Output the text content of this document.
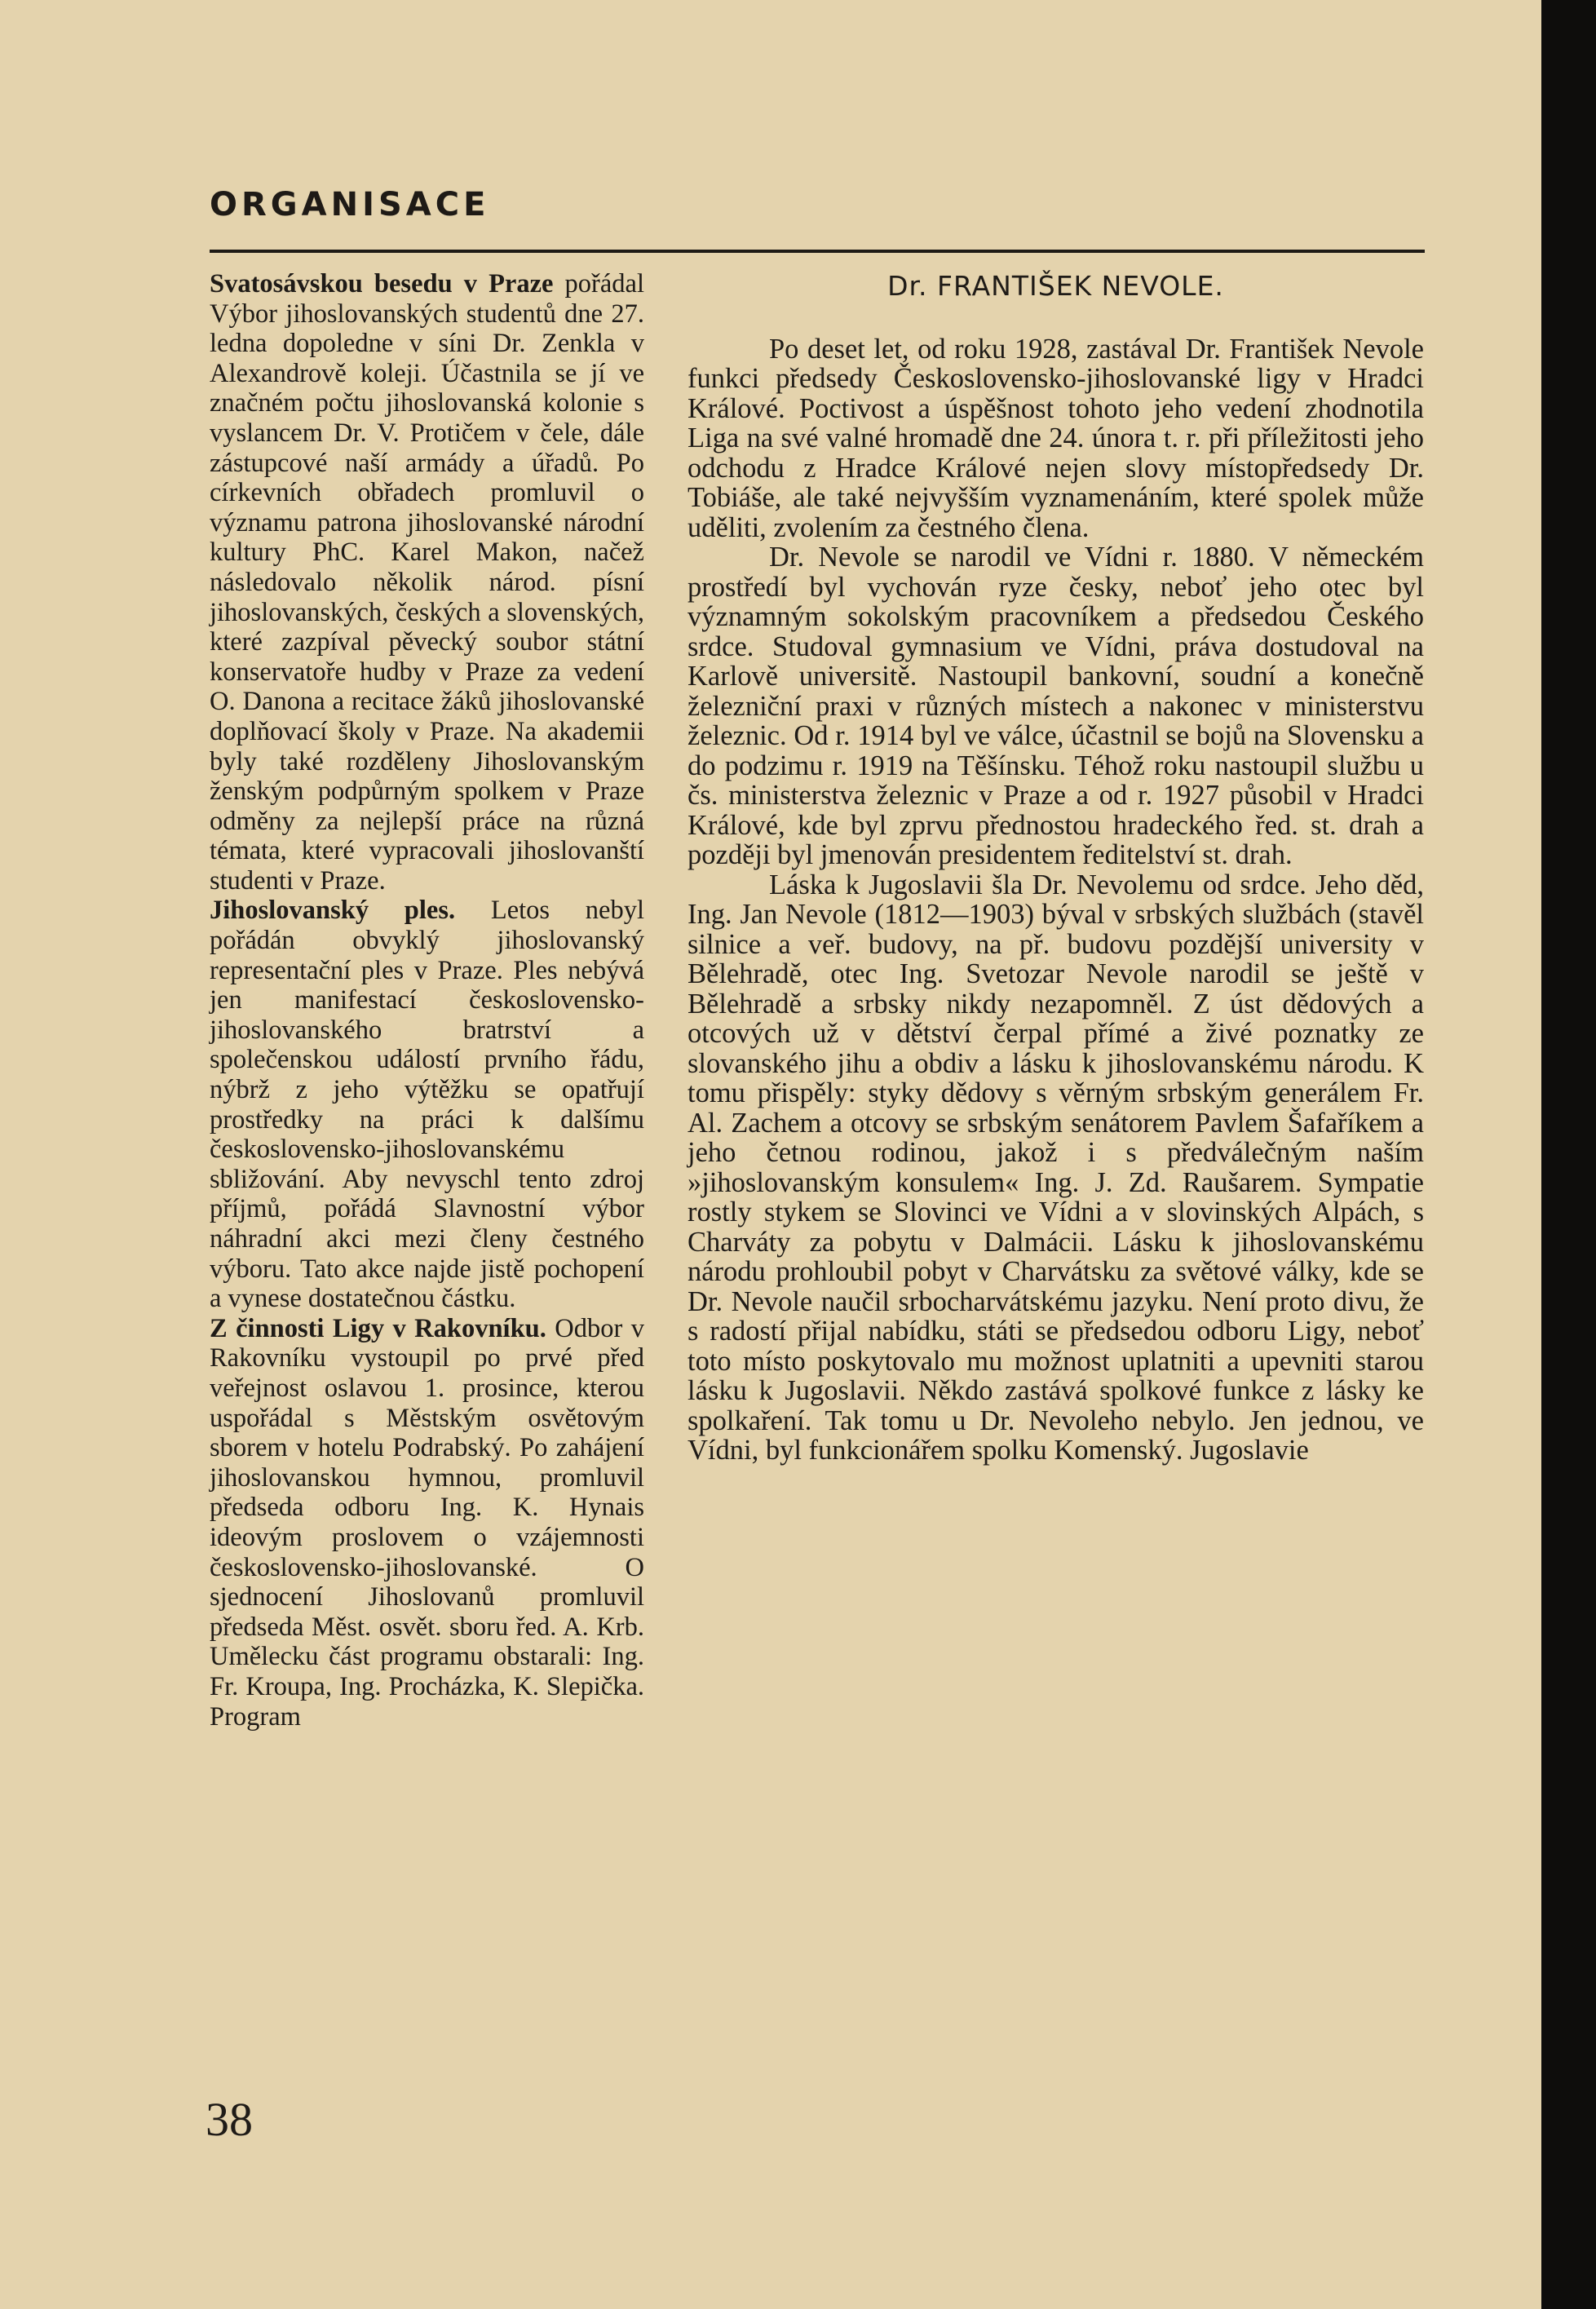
ORGANISACE

Svatosávskou besedu v Praze pořádal Výbor jihoslovanských studentů dne 27. ledna dopoledne v síni Dr. Zenkla v Alexandrově koleji. Účastnila se jí ve značném počtu jihoslovanská kolonie s vyslancem Dr. V. Protičem v čele, dále zástupcové naší armády a úřadů. Po církevních obřadech promluvil o významu patrona jihoslovanské národní kultury PhC. Karel Makon, načež následovalo několik národ. písní jihoslovanských, českých a slovenských, které zazpíval pěvecký soubor státní konservatoře hudby v Praze za vedení O. Danona a recitace žáků jihoslovanské doplňovací školy v Praze. Na akademii byly také rozděleny Jihoslovanským ženským podpůrným spolkem v Praze odměny za nejlepší práce na různá témata, které vypracovali jihoslovanští studenti v Praze.

Jihoslovanský ples. Letos nebyl pořádán obvyklý jihoslovanský representační ples v Praze. Ples nebývá jen manifestací československo-jihoslovanského bratrství a společenskou událostí prvního řádu, nýbrž z jeho výtěžku se opatřují prostředky na práci k dalšímu československo-jihoslovanskému sbližování. Aby nevyschl tento zdroj příjmů, pořádá Slavnostní výbor náhradní akci mezi členy čestného výboru. Tato akce najde jistě pochopení a vynese dostatečnou částku.

Z činnosti Ligy v Rakovníku. Odbor v Rakovníku vystoupil po prvé před veřejnost oslavou 1. prosince, kterou uspořádal s Městským osvětovým sborem v hotelu Podrabský. Po zahájení jihoslovanskou hymnou, promluvil předseda odboru Ing. K. Hynais ideovým proslovem o vzájemnosti československo-jihoslovanské. O sjednocení Jihoslovanů promluvil předseda Měst. osvět. sboru řed. A. Krb. Umělecku část programu obstarali: Ing. Fr. Kroupa, Ing. Procházka, K. Slepička. Program

Dr. FRANTIŠEK NEVOLE.

Po deset let, od roku 1928, zastával Dr. František Nevole funkci předsedy Československo-jihoslovanské ligy v Hradci Králové. Poctivost a úspěšnost tohoto jeho vedení zhodnotila Liga na své valné hromadě dne 24. února t. r. při příležitosti jeho odchodu z Hradce Králové nejen slovy místopředsedy Dr. Tobiáše, ale také nejvyšším vyznamenáním, které spolek může uděliti, zvolením za čestného člena.

Dr. Nevole se narodil ve Vídni r. 1880. V německém prostředí byl vychován ryze česky, neboť jeho otec byl významným sokolským pracovníkem a předsedou Českého srdce. Studoval gymnasium ve Vídni, práva dostudoval na Karlově universitě. Nastoupil bankovní, soudní a konečně železniční praxi v různých místech a nakonec v ministerstvu železnic. Od r. 1914 byl ve válce, účastnil se bojů na Slovensku a do podzimu r. 1919 na Těšínsku. Téhož roku nastoupil službu u čs. ministerstva železnic v Praze a od r. 1927 působil v Hradci Králové, kde byl zprvu přednostou hradeckého řed. st. drah a později byl jmenován presidentem ředitelství st. drah.

Láska k Jugoslavii šla Dr. Nevolemu od srdce. Jeho děd, Ing. Jan Nevole (1812—1903) býval v srbských službách (stavěl silnice a veř. budovy, na př. budovu pozdější university v Bělehradě, otec Ing. Svetozar Nevole narodil se ještě v Bělehradě a srbsky nikdy nezapomněl. Z úst dědových a otcových už v dětství čerpal přímé a živé poznatky ze slovanského jihu a obdiv a lásku k jihoslovanskému národu. K tomu přispěly: styky dědovy s věrným srbským generálem Fr. Al. Zachem a otcovy se srbským senátorem Pavlem Šafaříkem a jeho četnou rodinou, jakož i s předválečným naším »jihoslovanským konsulem« Ing. J. Zd. Raušarem. Sympatie rostly stykem se Slovinci ve Vídni a v slovinských Alpách, s Charváty za pobytu v Dalmácii. Lásku k jihoslovanskému národu prohloubil pobyt v Charvátsku za světové války, kde se Dr. Nevole naučil srbocharvátskému jazyku. Není proto divu, že s radostí přijal nabídku, státi se předsedou odboru Ligy, neboť toto místo poskytovalo mu možnost uplatniti a upevniti starou lásku k Jugoslavii. Někdo zastává spolkové funkce z lásky ke spolkaření. Tak tomu u Dr. Nevoleho nebylo. Jen jednou, ve Vídni, byl funkcionářem spolku Komenský. Jugoslavie

38
